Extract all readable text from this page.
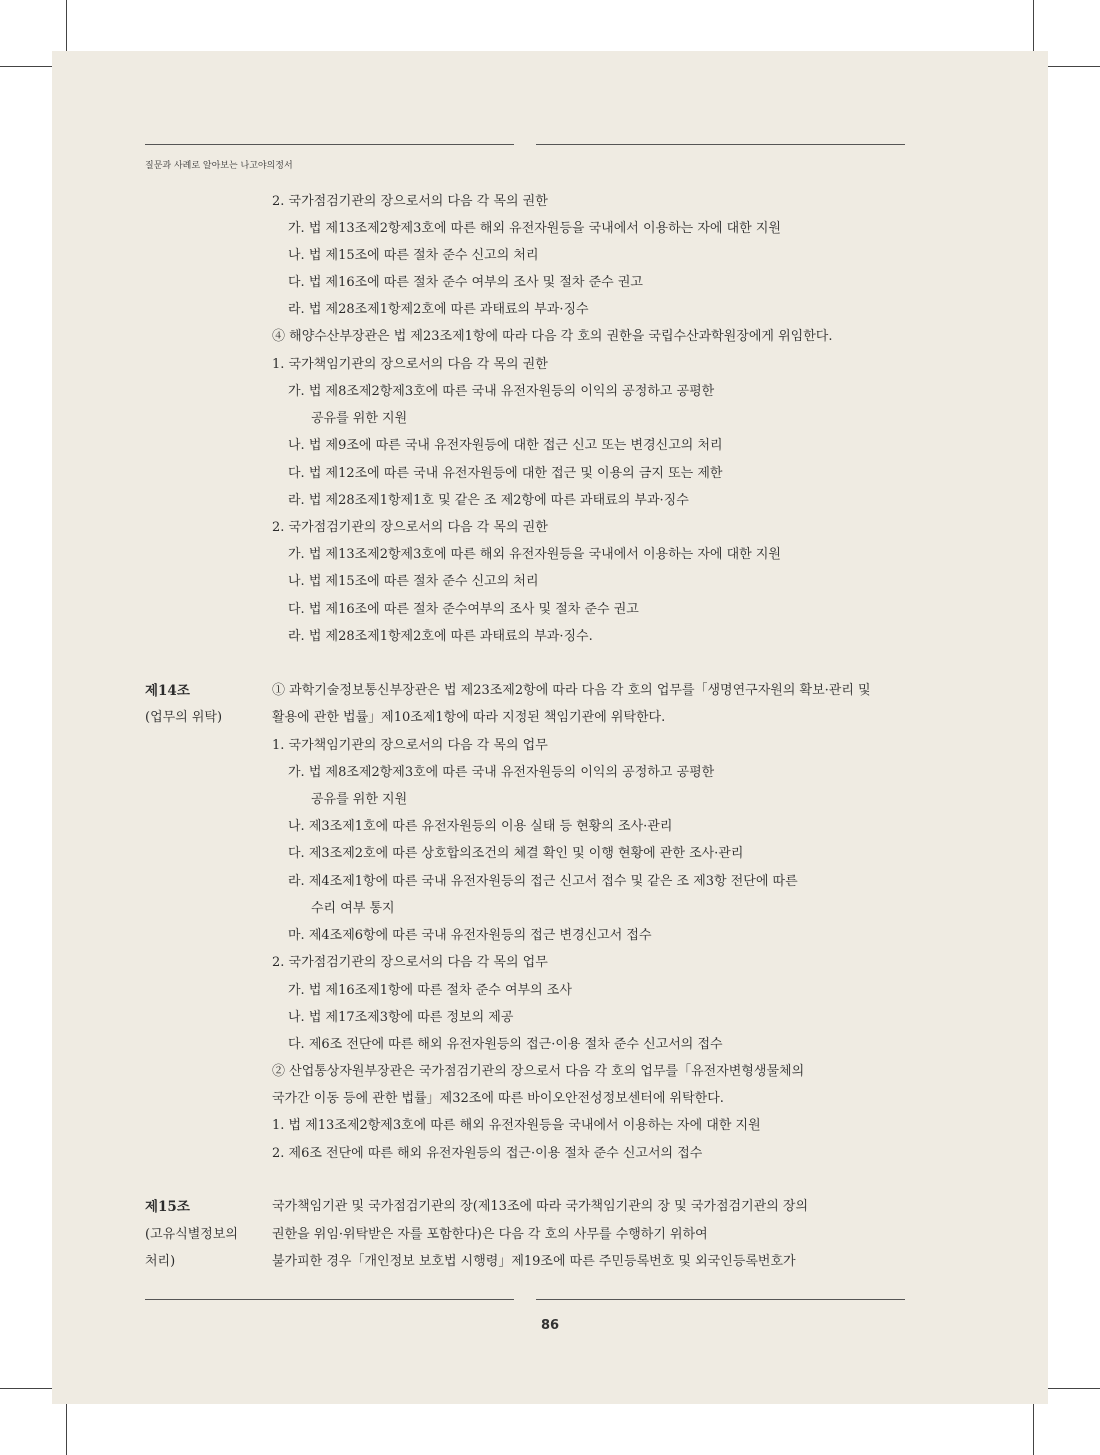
질문과 사례로 알아보는 나고야의정서
2. 국가점검기관의 장으로서의 다음 각 목의 권한
가. 법 제13조제2항제3호에 따른 해외 유전자원등을 국내에서 이용하는 자에 대한 지원
나. 법 제15조에 따른 절차 준수 신고의 처리
다. 법 제16조에 따른 절차 준수 여부의 조사 및 절차 준수 권고
라. 법 제28조제1항제2호에 따른 과태료의 부과·징수
④ 해양수산부장관은 법 제23조제1항에 따라 다음 각 호의 권한을 국립수산과학원장에게 위임한다.
1. 국가책임기관의 장으로서의 다음 각 목의 권한
가. 법 제8조제2항제3호에 따른 국내 유전자원등의 이익의 공정하고 공평한
공유를 위한 지원
나. 법 제9조에 따른 국내 유전자원등에 대한 접근 신고 또는 변경신고의 처리
다. 법 제12조에 따른 국내 유전자원등에 대한 접근 및 이용의 금지 또는 제한
라. 법 제28조제1항제1호 및 같은 조 제2항에 따른 과태료의 부과·징수
2. 국가점검기관의 장으로서의 다음 각 목의 권한
가. 법 제13조제2항제3호에 따른 해외 유전자원등을 국내에서 이용하는 자에 대한 지원
나. 법 제15조에 따른 절차 준수 신고의 처리
다. 법 제16조에 따른 절차 준수여부의 조사 및 절차 준수 권고
라. 법 제28조제1항제2호에 따른 과태료의 부과·징수.
제14조
(업무의 위탁)
① 과학기술정보통신부장관은 법 제23조제2항에 따라 다음 각 호의 업무를「생명연구자원의 확보·관리 및
활용에 관한 법률」제10조제1항에 따라 지정된 책임기관에 위탁한다.
1. 국가책임기관의 장으로서의 다음 각 목의 업무
가. 법 제8조제2항제3호에 따른 국내 유전자원등의 이익의 공정하고 공평한
공유를 위한 지원
나. 제3조제1호에 따른 유전자원등의 이용 실태 등 현황의 조사·관리
다. 제3조제2호에 따른 상호합의조건의 체결 확인 및 이행 현황에 관한 조사·관리
라. 제4조제1항에 따른 국내 유전자원등의 접근 신고서 접수 및 같은 조 제3항 전단에 따른
수리 여부 통지
마. 제4조제6항에 따른 국내 유전자원등의 접근 변경신고서 접수
2. 국가점검기관의 장으로서의 다음 각 목의 업무
가. 법 제16조제1항에 따른 절차 준수 여부의 조사
나. 법 제17조제3항에 따른 정보의 제공
다. 제6조 전단에 따른 해외 유전자원등의 접근·이용 절차 준수 신고서의 접수
② 산업통상자원부장관은 국가점검기관의 장으로서 다음 각 호의 업무를「유전자변형생물체의
국가간 이동 등에 관한 법률」제32조에 따른 바이오안전성정보센터에 위탁한다.
1. 법 제13조제2항제3호에 따른 해외 유전자원등을 국내에서 이용하는 자에 대한 지원
2. 제6조 전단에 따른 해외 유전자원등의 접근·이용 절차 준수 신고서의 접수
제15조
(고유식별정보의
처리)
국가책임기관 및 국가점검기관의 장(제13조에 따라 국가책임기관의 장 및 국가점검기관의 장의
권한을 위임·위탁받은 자를 포함한다)은 다음 각 호의 사무를 수행하기 위하여
불가피한 경우「개인정보 보호법 시행령」제19조에 따른 주민등록번호 및 외국인등록번호가
86
